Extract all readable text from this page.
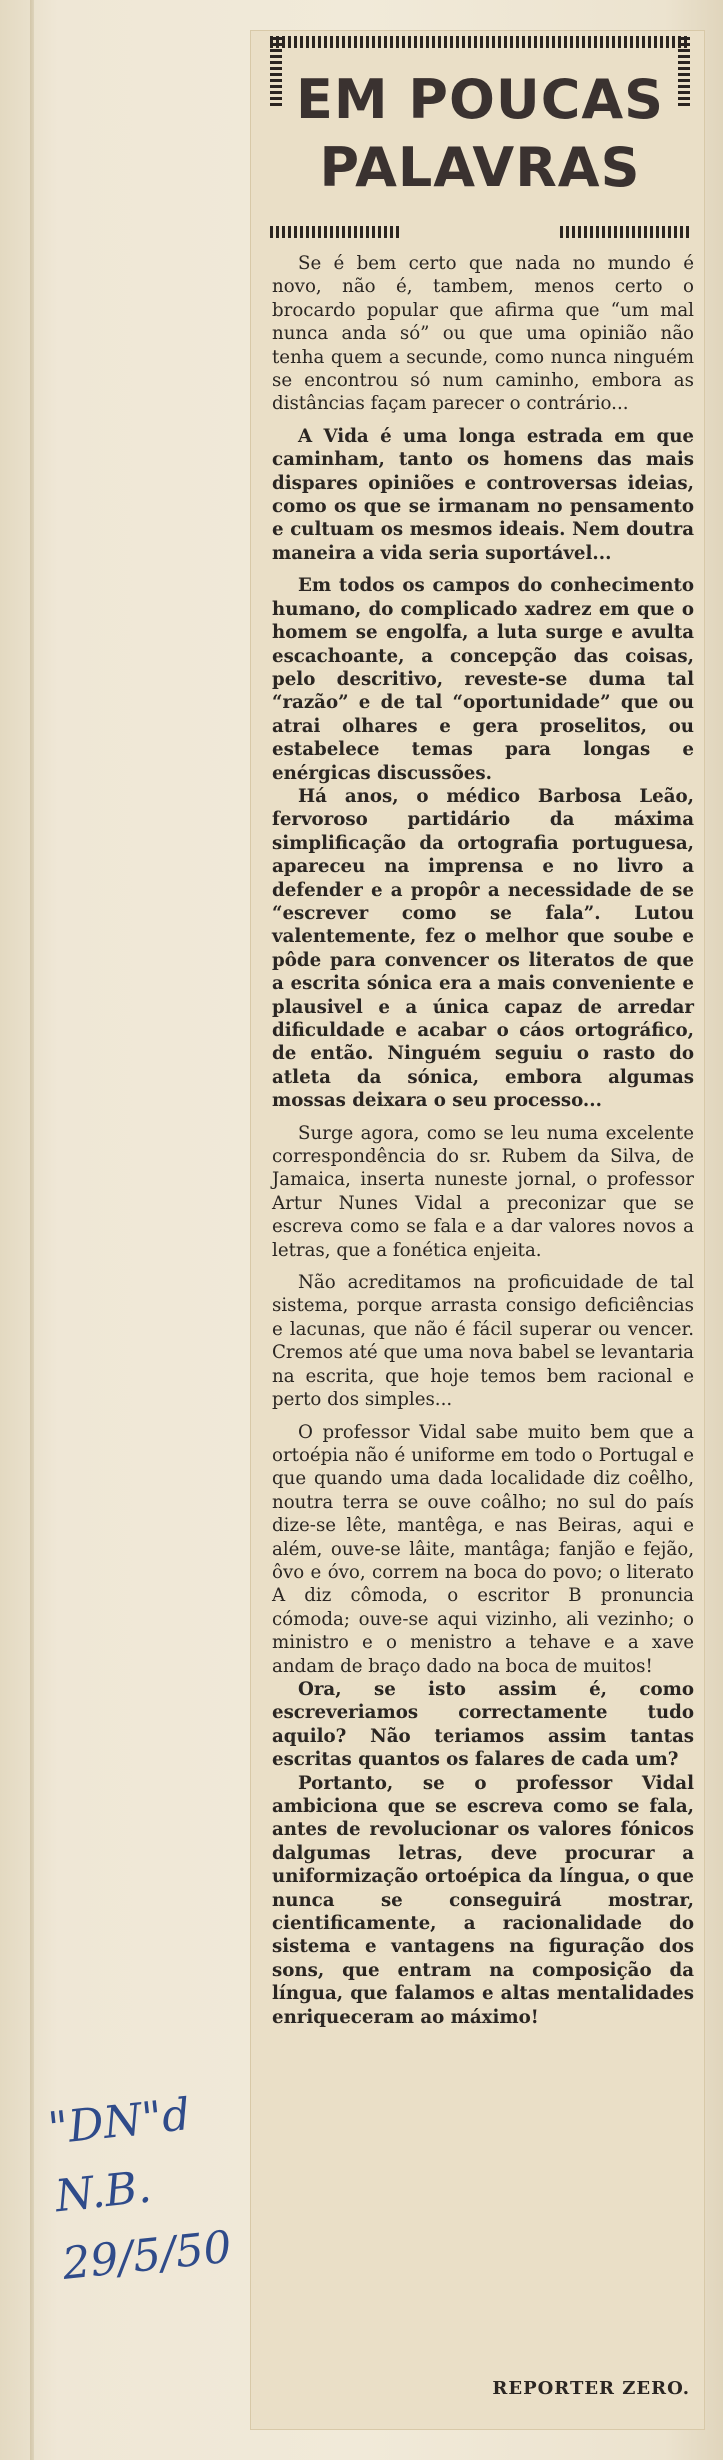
EM POUCAS
PALAVRAS

Se é bem certo que nada no mundo é novo, não é, tambem, menos certo o brocardo popular que afirma que “um mal nunca anda só” ou que uma opinião não tenha quem a secunde, como nunca ninguém se encontrou só num caminho, embora as distâncias façam parecer o contrário...

A Vida é uma longa estrada em que caminham, tanto os homens das mais dispares opiniões e controversas ideias, como os que se irmanam no pensamento e cultuam os mesmos ideais. Nem doutra maneira a vida seria suportável...

Em todos os campos do conhecimento humano, do complicado xadrez em que o homem se engolfa, a luta surge e avulta escachoante, a concepção das coisas, pelo descritivo, reveste-se duma tal “razão” e de tal “oportunidade” que ou atrai olhares e gera proselitos, ou estabelece temas para longas e enérgicas discussões.

Há anos, o médico Barbosa Leão, fervoroso partidário da máxima simplificação da ortografia portuguesa, apareceu na imprensa e no livro a defender e a propôr a necessidade de se “escrever como se fala”. Lutou valentemente, fez o melhor que soube e pôde para convencer os literatos de que a escrita sónica era a mais conveniente e plausivel e a única capaz de arredar dificuldade e acabar o cáos ortográfico, de então. Ninguém seguiu o rasto do atleta da sónica, embora algumas mossas deixara o seu processo...

Surge agora, como se leu numa excelente correspondência do sr. Rubem da Silva, de Jamaica, inserta nuneste jornal, o professor Artur Nunes Vidal a preconizar que se escreva como se fala e a dar valores novos a letras, que a fonética enjeita.

Não acreditamos na proficuidade de tal sistema, porque arrasta consigo deficiências e lacunas, que não é fácil superar ou vencer. Cremos até que uma nova babel se levantaria na escrita, que hoje temos bem racional e perto dos simples...

O professor Vidal sabe muito bem que a ortoépia não é uniforme em todo o Portugal e que quando uma dada localidade diz coêlho, noutra terra se ouve coâlho; no sul do país dize-se lête, mantêga, e nas Beiras, aqui e além, ouve-se lâite, mantâga; fanjão e fejão, ôvo e óvo, correm na boca do povo; o literato A diz cômoda, o escritor B pronuncia cómoda; ouve-se aqui vizinho, ali vezinho; o ministro e o menistro a tehave e a xave andam de braço dado na boca de muitos!

Ora, se isto assim é, como escreveriamos correctamente tudo aquilo? Não teriamos assim tantas escritas quantos os falares de cada um?

Portanto, se o professor Vidal ambiciona que se escreva como se fala, antes de revolucionar os valores fónicos dalgumas letras, deve procurar a uniformização ortoépica da língua, o que nunca se conseguirá mostrar, cientificamente, a racionalidade do sistema e vantagens na figuração dos sons, que entram na composição da língua, que falamos e altas mentalidades enriqueceram ao máximo!

REPORTER ZERO.
"DN"d
N.B.
29/5/50
